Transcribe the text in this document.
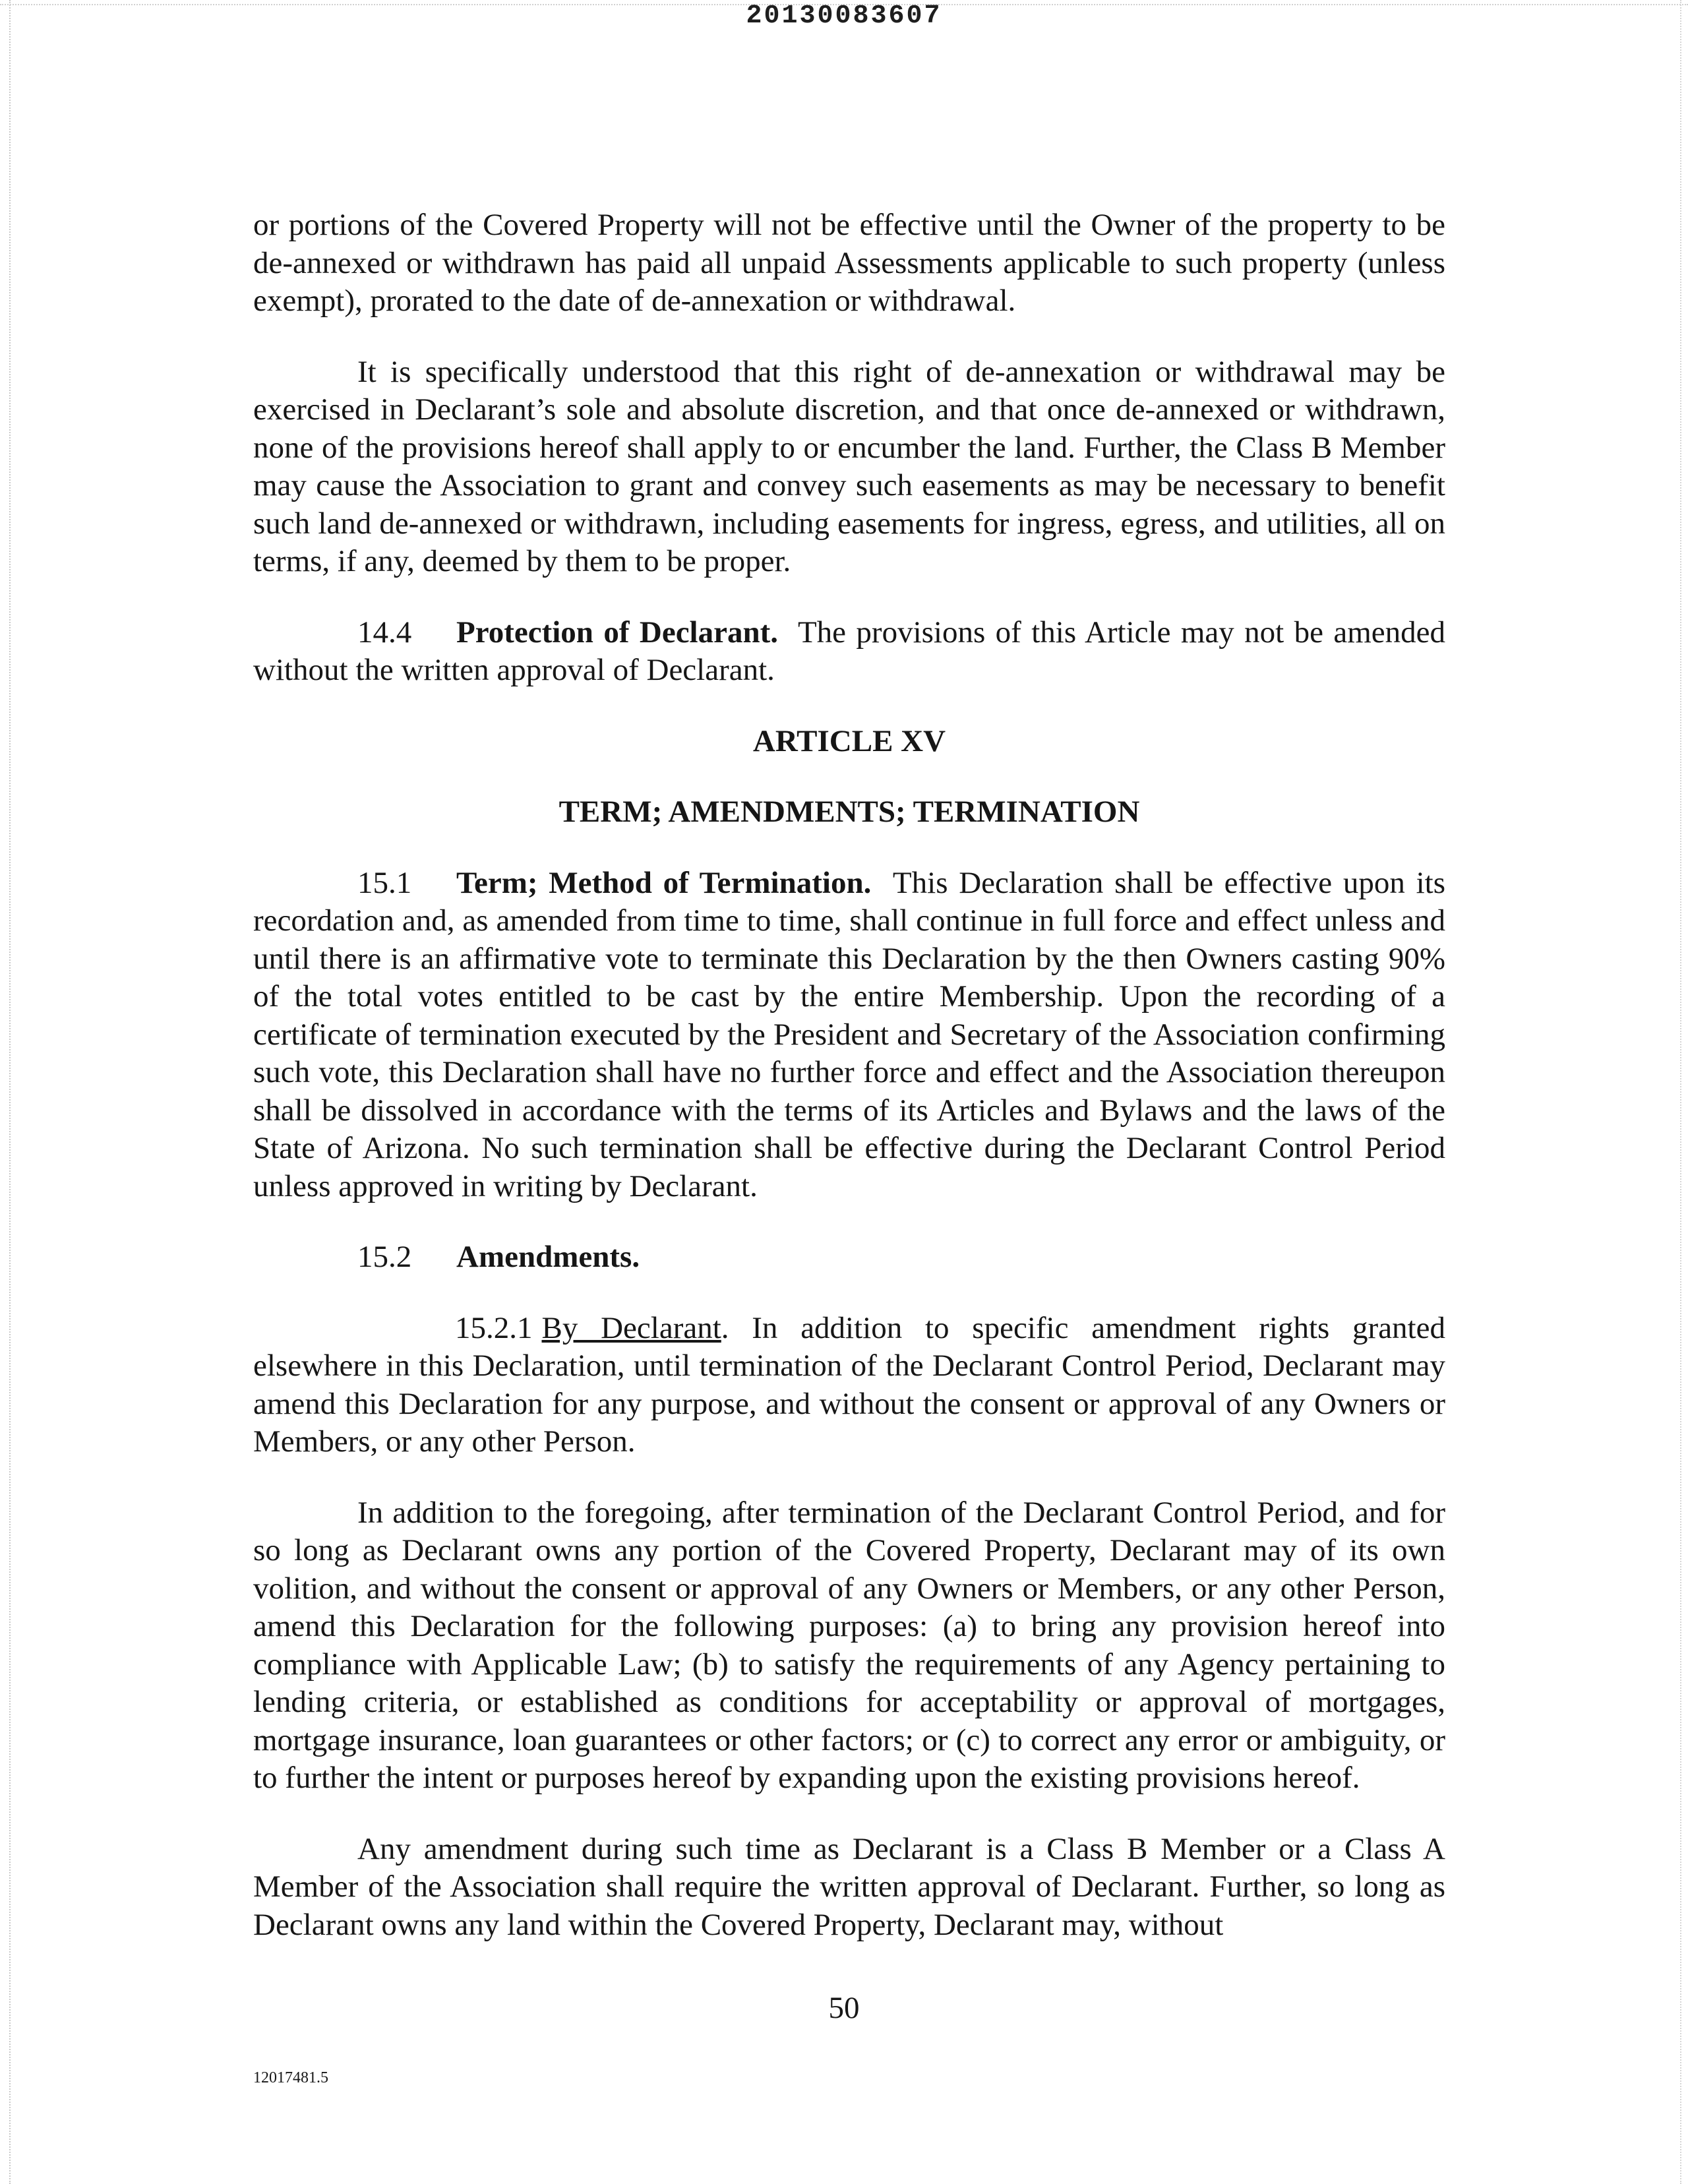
20130083607

or portions of the Covered Property will not be effective until the Owner of the property to be de-annexed or withdrawn has paid all unpaid Assessments applicable to such property (unless exempt), prorated to the date of de-annexation or withdrawal.

It is specifically understood that this right of de-annexation or withdrawal may be exercised in Declarant’s sole and absolute discretion, and that once de-annexed or withdrawn, none of the provisions hereof shall apply to or encumber the land. Further, the Class B Member may cause the Association to grant and convey such easements as may be necessary to benefit such land de-annexed or withdrawn, including easements for ingress, egress, and utilities, all on terms, if any, deemed by them to be proper.

14.4 Protection of Declarant. The provisions of this Article may not be amended without the written approval of Declarant.

ARTICLE XV

TERM; AMENDMENTS; TERMINATION

15.1 Term; Method of Termination. This Declaration shall be effective upon its recordation and, as amended from time to time, shall continue in full force and effect unless and until there is an affirmative vote to terminate this Declaration by the then Owners casting 90% of the total votes entitled to be cast by the entire Membership. Upon the recording of a certificate of termination executed by the President and Secretary of the Association confirming such vote, this Declaration shall have no further force and effect and the Association thereupon shall be dissolved in accordance with the terms of its Articles and Bylaws and the laws of the State of Arizona. No such termination shall be effective during the Declarant Control Period unless approved in writing by Declarant.

15.2 Amendments.

15.2.1 By Declarant. In addition to specific amendment rights granted elsewhere in this Declaration, until termination of the Declarant Control Period, Declarant may amend this Declaration for any purpose, and without the consent or approval of any Owners or Members, or any other Person.

In addition to the foregoing, after termination of the Declarant Control Period, and for so long as Declarant owns any portion of the Covered Property, Declarant may of its own volition, and without the consent or approval of any Owners or Members, or any other Person, amend this Declaration for the following purposes: (a) to bring any provision hereof into compliance with Applicable Law; (b) to satisfy the requirements of any Agency pertaining to lending criteria, or established as conditions for acceptability or approval of mortgages, mortgage insurance, loan guarantees or other factors; or (c) to correct any error or ambiguity, or to further the intent or purposes hereof by expanding upon the existing provisions hereof.

Any amendment during such time as Declarant is a Class B Member or a Class A Member of the Association shall require the written approval of Declarant. Further, so long as Declarant owns any land within the Covered Property, Declarant may, without

50
12017481.5
